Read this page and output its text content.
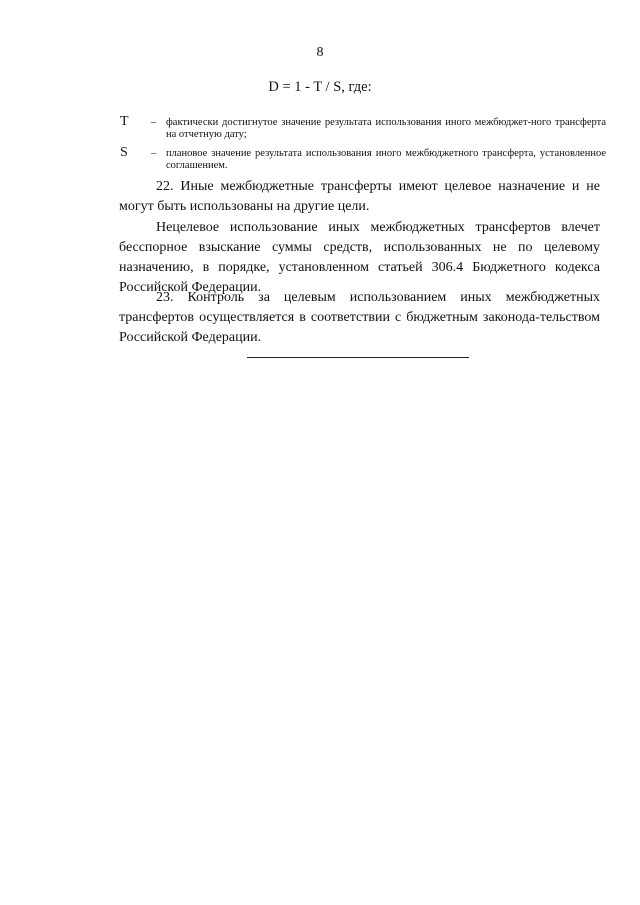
8
D = 1 - T / S, где:
T – фактически достигнутое значение результата использования иного межбюджет-ного трансферта на отчетную дату;
S – плановое значение результата использования иного межбюджетного трансферта, установленное соглашением.

22. Иные межбюджетные трансферты имеют целевое назначение и не могут быть использованы на другие цели.

Нецелевое использование иных межбюджетных трансфертов влечет бесспорное взыскание суммы средств, использованных не по целевому назначению, в порядке, установленном статьей 306.4 Бюджетного кодекса Российской Федерации.

23. Контроль за целевым использованием иных межбюджетных трансфертов осуществляется в соответствии с бюджетным законода-тельством Российской Федерации.
